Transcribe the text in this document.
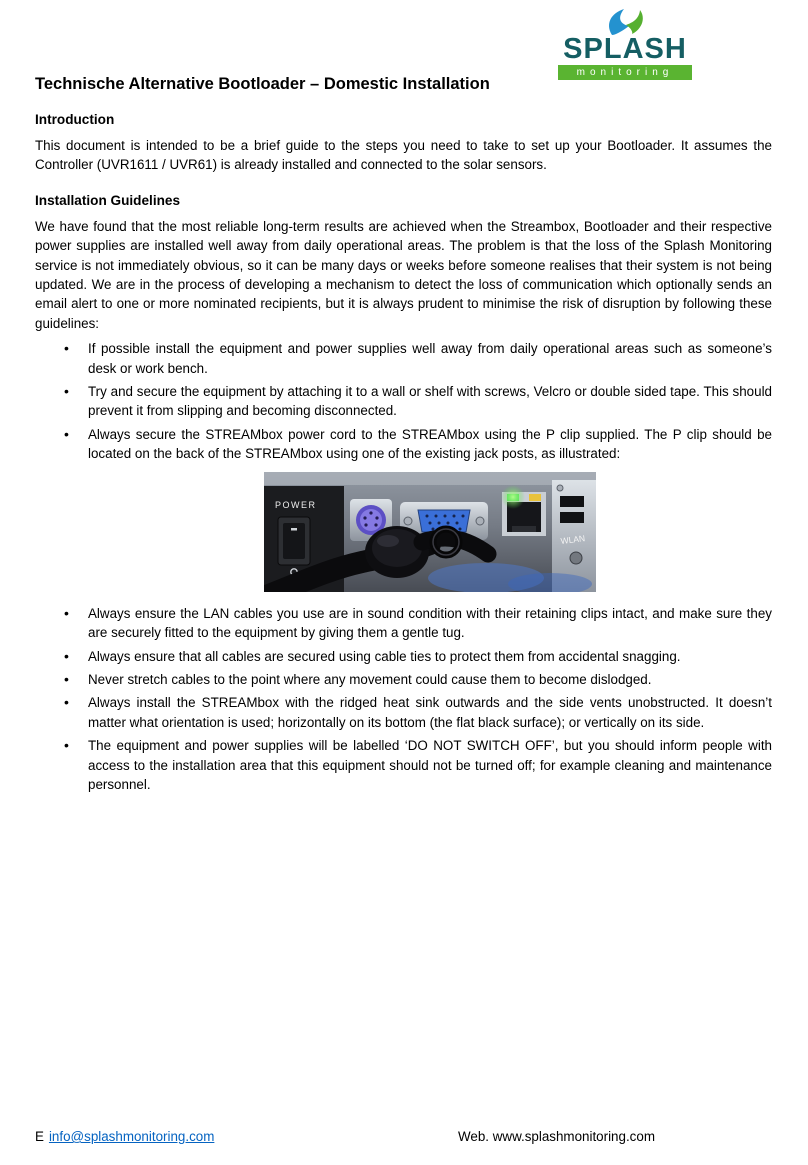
Technische Alternative Bootloader – Domestic Installation
SPLASH
monitoring
Introduction

This document is intended to be a brief guide to the steps you need to take to set up your Bootloader. It assumes the Controller (UVR1611 / UVR61) is already installed and connected to the solar sensors.

Installation Guidelines

We have found that the most reliable long-term results are achieved when the Streambox, Bootloader and their respective power supplies are installed well away from daily operational areas. The problem is that the loss of the Splash Monitoring service is not immediately obvious, so it can be many days or weeks before someone realises that their system is not being updated. We are in the process of developing a mechanism to detect the loss of communication which optionally sends an email alert to one or more nominated recipients, but it is always prudent to minimise the risk of disruption by following these guidelines:

• If possible install the equipment and power supplies well away from daily operational areas such as someone’s desk or work bench.
• Try and secure the equipment by attaching it to a wall or shelf with screws, Velcro or double sided tape. This should prevent it from slipping and becoming disconnected.
• Always secure the STREAMbox power cord to the STREAMbox using the P clip supplied. The P clip should be located on the back of the STREAMbox using one of the existing jack posts, as illustrated:
POWER
WLAN
• Always ensure the LAN cables you use are in sound condition with their retaining clips intact, and make sure they are securely fitted to the equipment by giving them a gentle tug.
• Always ensure that all cables are secured using cable ties to protect them from accidental snagging.
• Never stretch cables to the point where any movement could cause them to become dislodged.
• Always install the STREAMbox with the ridged heat sink outwards and the side vents unobstructed. It doesn’t matter what orientation is used; horizontally on its bottom (the flat black surface); or vertically on its side.
• The equipment and power supplies will be labelled ‘DO NOT SWITCH OFF’, but you should inform people with access to the installation area that this equipment should not be turned off; for example cleaning and maintenance personnel.
E info@splashmonitoring.com	Web. www.splashmonitoring.com
